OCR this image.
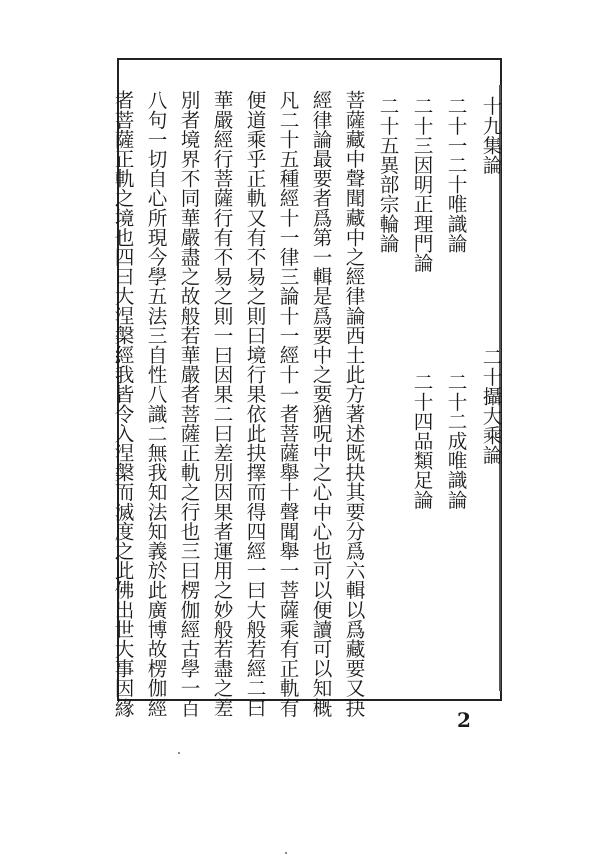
十九集論
二十攝大乘論
二十一二十唯識論
二十二成唯識論
二十三因明正理門論
二十四品類足論
二十五異部宗輪論
菩薩藏中聲聞藏中之經律論西土此方著述既抉其要分爲六輯以爲藏要又抉
經律論最要者爲第一輯是爲要中之要猶呪中之心中心也可以便讀可以知概
凡二十五種經十一律三論十一經十一者菩薩舉十聲聞舉一菩薩乘有正軌有
便道乘乎正軌又有不易之則曰境行果依此抉擇而得四經一曰大般若經二曰
華嚴經行菩薩行有不易之則一曰因果二曰差別因果者運用之妙般若盡之差
別者境界不同華嚴盡之故般若華嚴者菩薩正軌之行也三曰楞伽經古學一百
八句一切自心所現今學五法三自性八識二無我知法知義於此廣博故楞伽經
者菩薩正軌之境也四曰大涅槃經我皆令入涅槃而滅度之此佛出世大事因緣
2
